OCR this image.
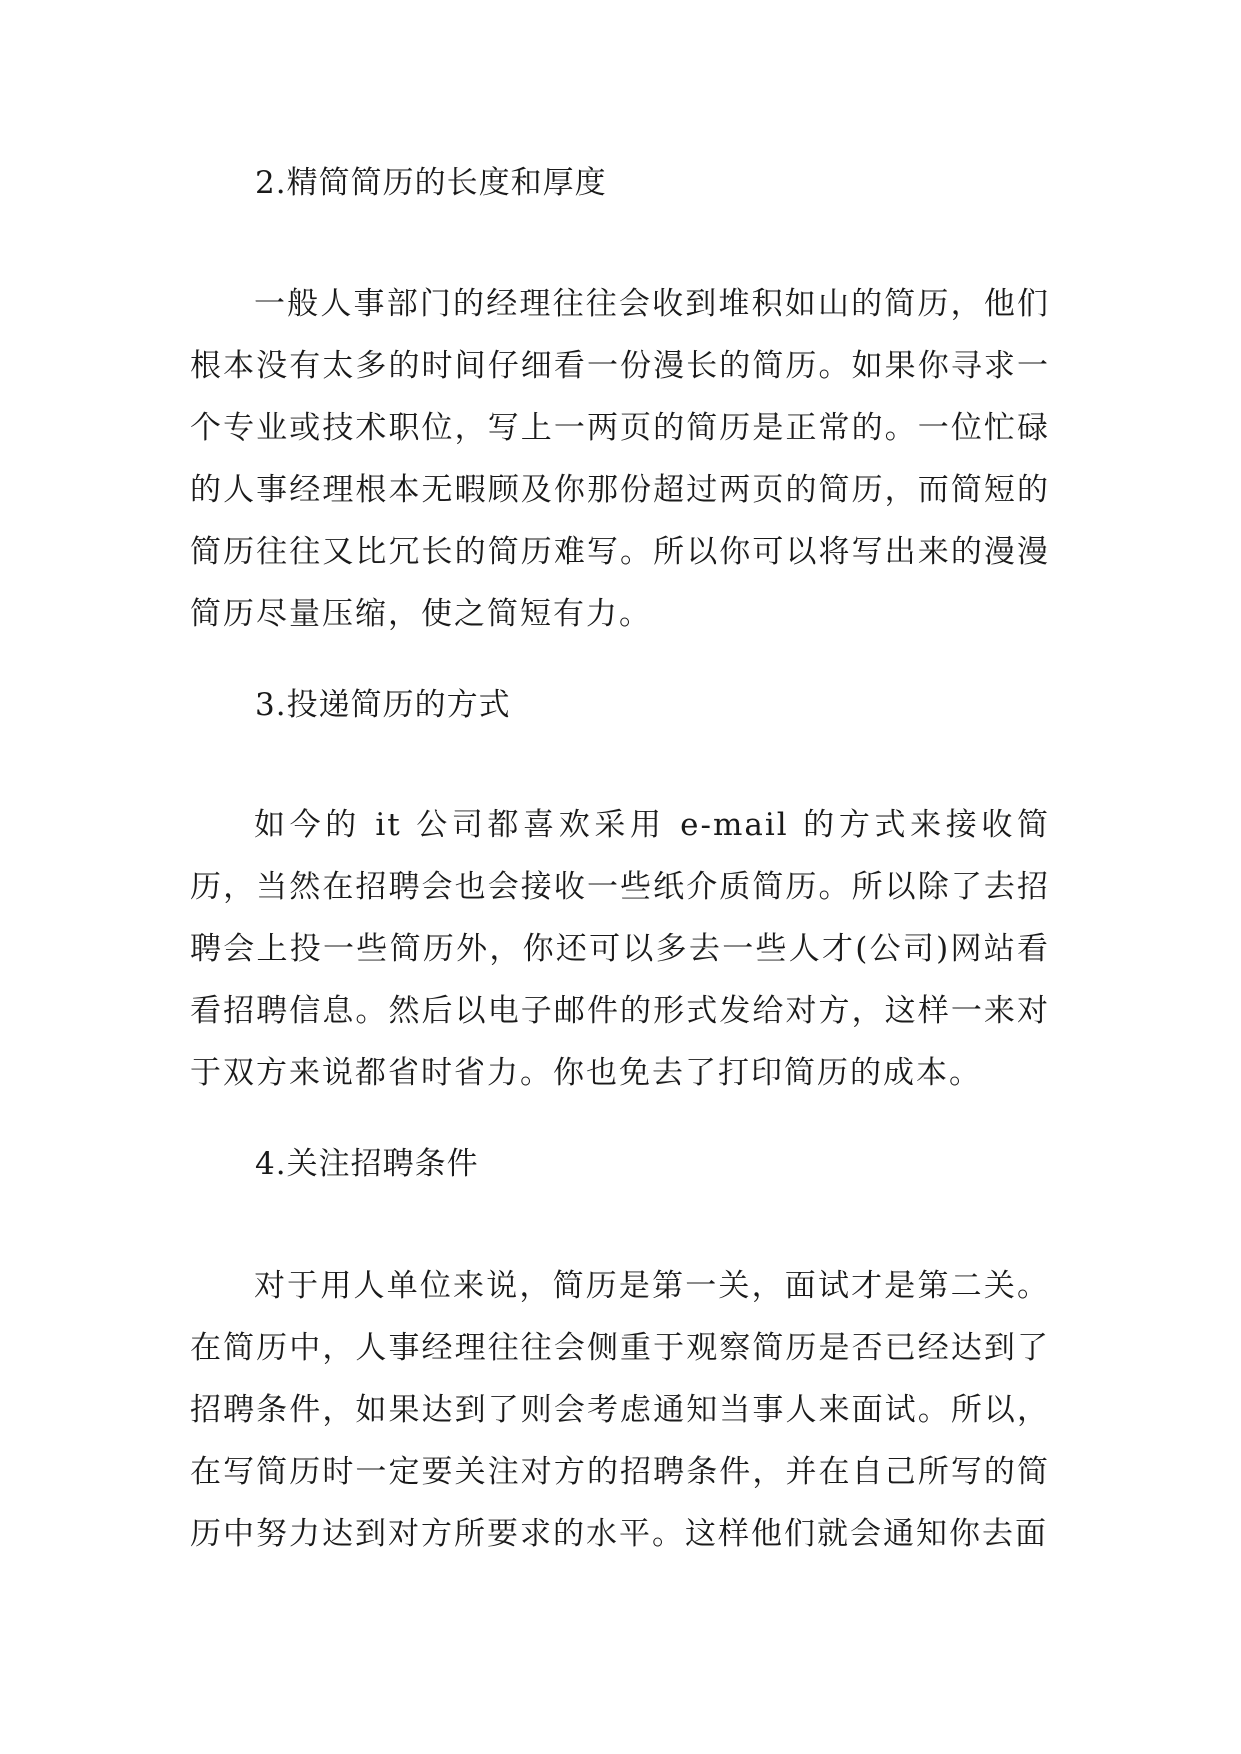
2.精简简历的长度和厚度
一般人事部门的经理往往会收到堆积如山的简历，他们根本没有太多的时间仔细看一份漫长的简历。如果你寻求一个专业或技术职位，写上一两页的简历是正常的。一位忙碌的人事经理根本无暇顾及你那份超过两页的简历，而简短的简历往往又比冗长的简历难写。所以你可以将写出来的漫漫简历尽量压缩，使之简短有力。
3.投递简历的方式
如今的 it 公司都喜欢采用 e-mail 的方式来接收简历，当然在招聘会也会接收一些纸介质简历。所以除了去招聘会上投一些简历外，你还可以多去一些人才(公司)网站看看招聘信息。然后以电子邮件的形式发给对方，这样一来对于双方来说都省时省力。你也免去了打印简历的成本。
4.关注招聘条件
对于用人单位来说，简历是第一关，面试才是第二关。在简历中，人事经理往往会侧重于观察简历是否已经达到了招聘条件，如果达到了则会考虑通知当事人来面试。所以，在写简历时一定要关注对方的招聘条件，并在自己所写的简历中努力达到对方所要求的水平。这样他们就会通知你去面
